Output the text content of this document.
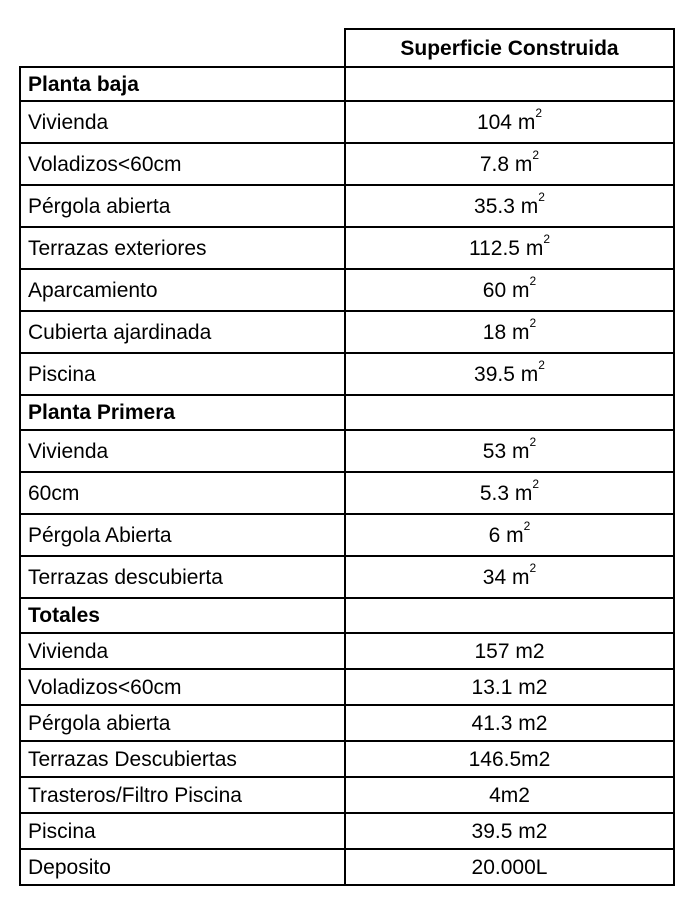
	Superficie Construida
Planta baja	
Vivienda	104 $m^2$
Voladizos<60cm	7.8 $m^2$
Pérgola abierta	35.3 $m^2$
Terrazas exteriores	112.5 $m^2$
Aparcamiento	60 $m^2$
Cubierta ajardinada	18 $m^2$
Piscina	39.5 $m^2$
Planta Primera	
Vivienda	53 $m^2$
60cm	5.3 $m^2$
Pérgola Abierta	6 $m^2$
Terrazas descubierta	34 $m^2$
Totales	
Vivienda	157 m2
Voladizos<60cm	13.1 m2
Pérgola abierta	41.3 m2
Terrazas Descubiertas	146.5m2
Trasteros/Filtro Piscina	4m2
Piscina	39.5 m2
Deposito	20.000L
